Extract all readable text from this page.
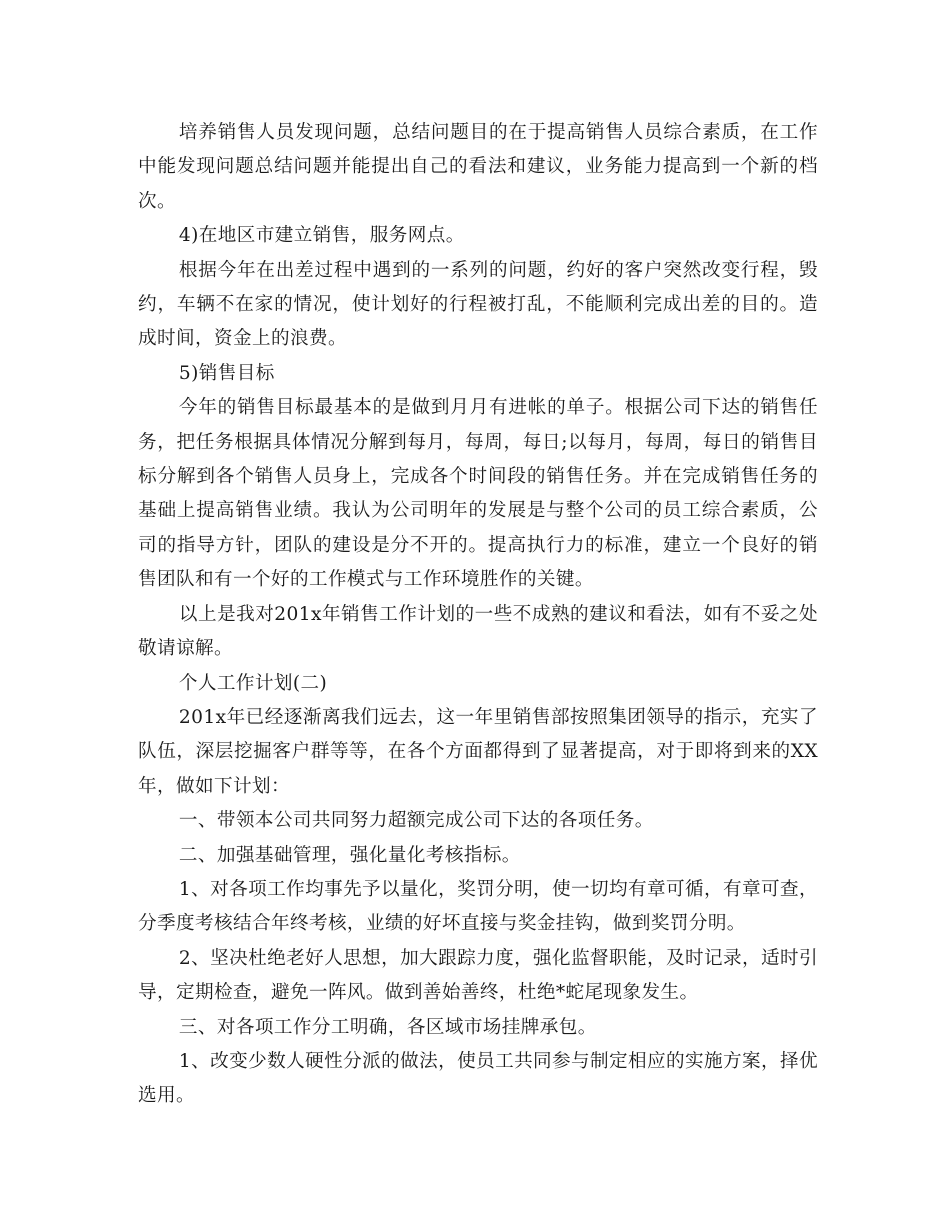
培养销售人员发现问题，总结问题目的在于提高销售人员综合素质，在工作中能发现问题总结问题并能提出自己的看法和建议，业务能力提高到一个新的档次。

4)在地区市建立销售，服务网点。

根据今年在出差过程中遇到的一系列的问题，约好的客户突然改变行程，毁约，车辆不在家的情况，使计划好的行程被打乱，不能顺利完成出差的目的。造成时间，资金上的浪费。

5)销售目标

今年的销售目标最基本的是做到月月有进帐的单子。根据公司下达的销售任务，把任务根据具体情况分解到每月，每周，每日;以每月，每周，每日的销售目标分解到各个销售人员身上，完成各个时间段的销售任务。并在完成销售任务的基础上提高销售业绩。我认为公司明年的发展是与整个公司的员工综合素质，公司的指导方针，团队的建设是分不开的。提高执行力的标准，建立一个良好的销售团队和有一个好的工作模式与工作环境胜作的关键。

以上是我对201x年销售工作计划的一些不成熟的建议和看法，如有不妥之处敬请谅解。

个人工作计划(二)

201x年已经逐渐离我们远去，这一年里销售部按照集团领导的指示，充实了队伍，深层挖掘客户群等等，在各个方面都得到了显著提高，对于即将到来的XX年，做如下计划：

一、带领本公司共同努力超额完成公司下达的各项任务。

二、加强基础管理，强化量化考核指标。

1、对各项工作均事先予以量化，奖罚分明，使一切均有章可循，有章可查，分季度考核结合年终考核，业绩的好坏直接与奖金挂钩，做到奖罚分明。

2、坚决杜绝老好人思想，加大跟踪力度，强化监督职能，及时记录，适时引导，定期检查，避免一阵风。做到善始善终，杜绝*蛇尾现象发生。

三、对各项工作分工明确，各区域市场挂牌承包。

1、改变少数人硬性分派的做法，使员工共同参与制定相应的实施方案，择优选用。
